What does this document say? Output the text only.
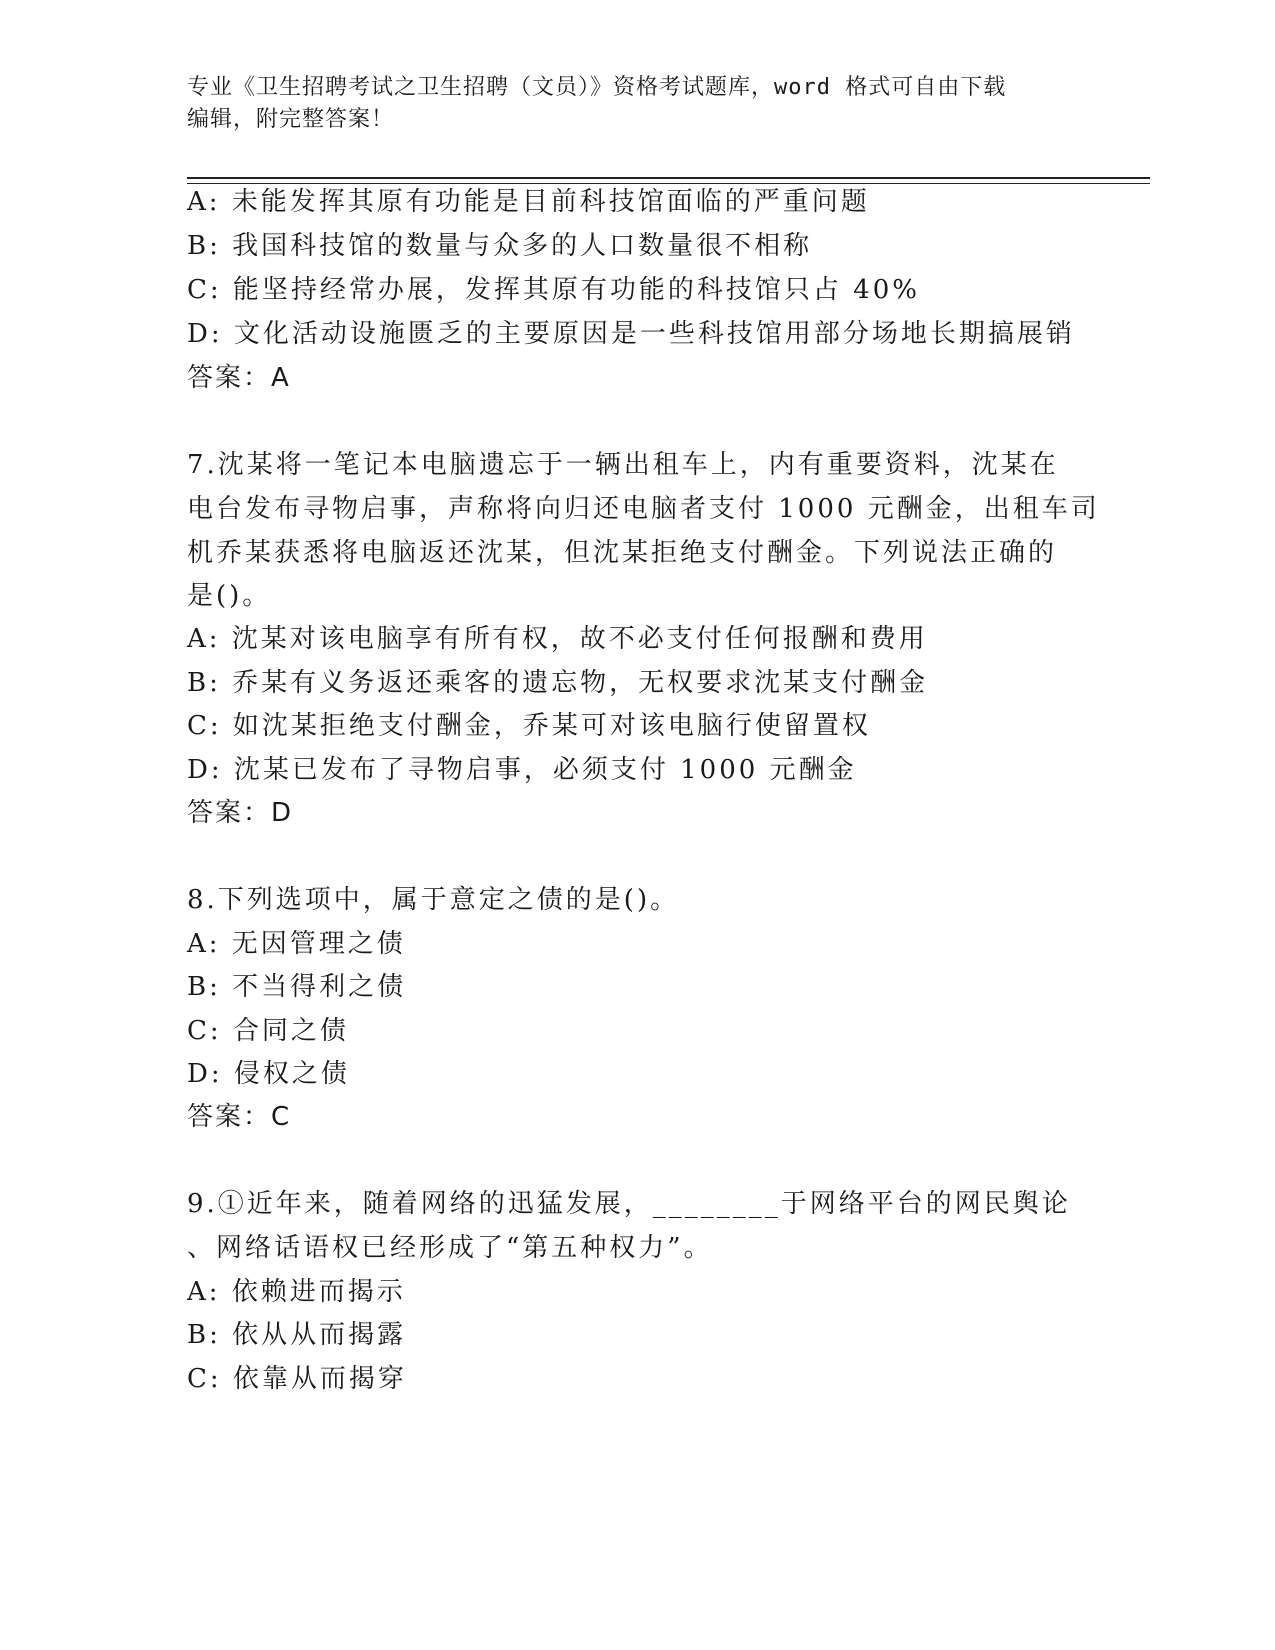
专业《卫生招聘考试之卫生招聘（文员）》资格考试题库，word 格式可自由下载
编辑，附完整答案！
A: 未能发挥其原有功能是目前科技馆面临的严重问题
B: 我国科技馆的数量与众多的人口数量很不相称
C: 能坚持经常办展，发挥其原有功能的科技馆只占 40%
D: 文化活动设施匮乏的主要原因是一些科技馆用部分场地长期搞展销
答案：A
7.沈某将一笔记本电脑遗忘于一辆出租车上，内有重要资料，沈某在
电台发布寻物启事，声称将向归还电脑者支付 1000 元酬金，出租车司
机乔某获悉将电脑返还沈某，但沈某拒绝支付酬金。下列说法正确的
是()。
A: 沈某对该电脑享有所有权，故不必支付任何报酬和费用
B: 乔某有义务返还乘客的遗忘物，无权要求沈某支付酬金
C: 如沈某拒绝支付酬金，乔某可对该电脑行使留置权
D: 沈某已发布了寻物启事，必须支付 1000 元酬金
答案：D
8.下列选项中，属于意定之债的是()。
A: 无因管理之债
B: 不当得利之债
C: 合同之债
D: 侵权之债
答案：C
9.①近年来，随着网络的迅猛发展，________于网络平台的网民舆论
、网络话语权已经形成了“第五种权力”。
A: 依赖进而揭示
B: 依从从而揭露
C: 依靠从而揭穿
